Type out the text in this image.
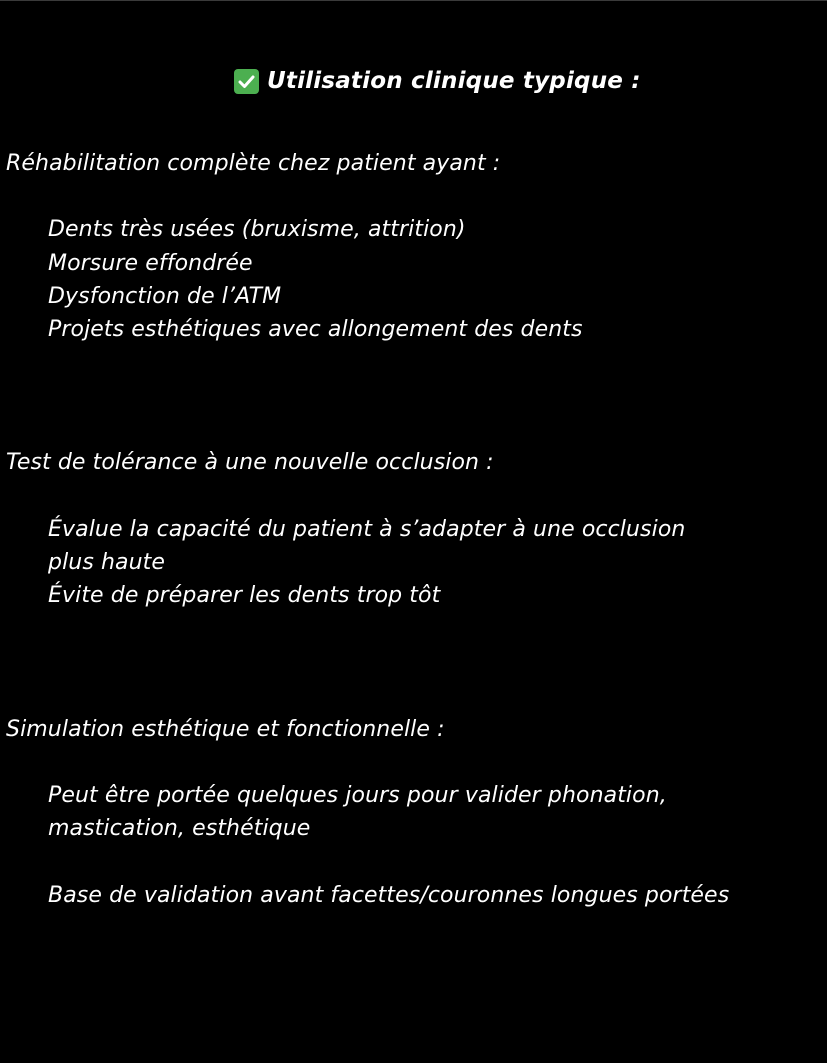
Utilisation clinique typique :
Réhabilitation complète chez patient ayant :
Dents très usées (bruxisme, attrition)
Morsure effondrée
Dysfonction de l’ATM
Projets esthétiques avec allongement des dents
Test de tolérance à une nouvelle occlusion :
Évalue la capacité du patient à s’adapter à une occlusion
plus haute
Évite de préparer les dents trop tôt
Simulation esthétique et fonctionnelle :
Peut être portée quelques jours pour valider phonation,
mastication, esthétique
Base de validation avant facettes/couronnes longues portées
